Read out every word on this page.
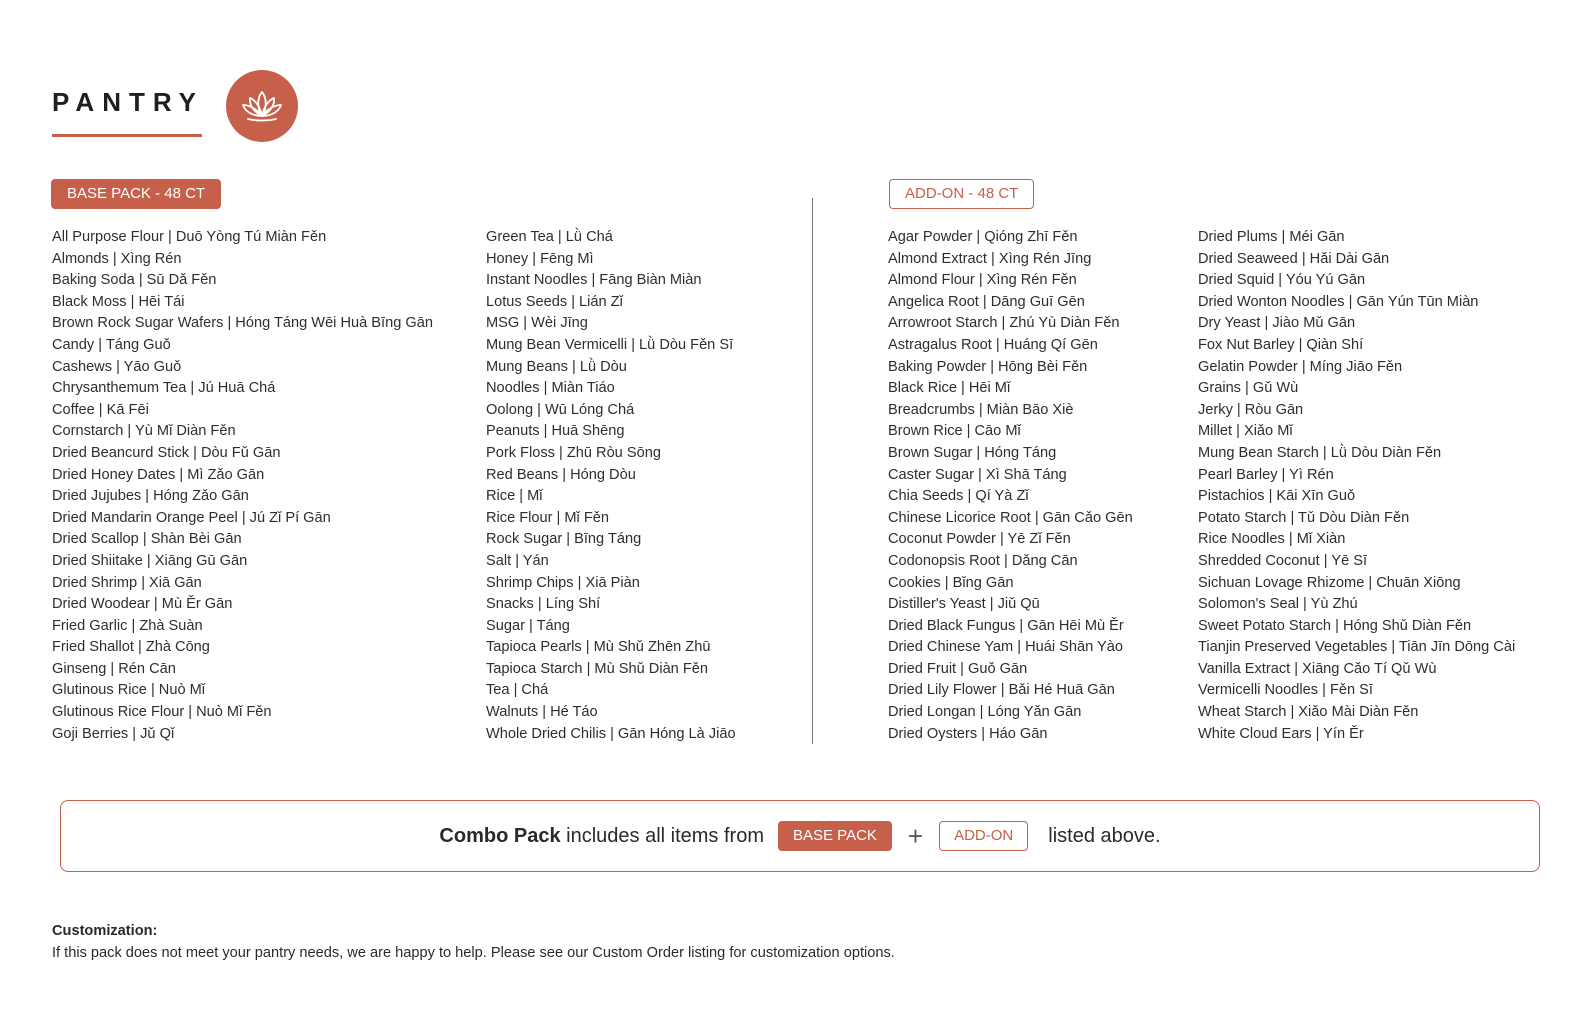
PANTRY
BASE PACK - 48 CT	ADD-ON - 48 CT
All Purpose Flour | Duō Yòng Tú Miàn Fěn
Almonds | Xìng Rén
Baking Soda | Sū Dǎ Fěn
Black Moss | Hēi Tái
Brown Rock Sugar Wafers | Hóng Táng Wēi Huà Bīng Gān
Candy | Táng Guǒ
Cashews | Yāo Guǒ
Chrysanthemum Tea | Jú Huā Chá
Coffee | Kā Fēi
Cornstarch | Yù Mǐ Diàn Fěn
Dried Beancurd Stick | Dòu Fǔ Gān
Dried Honey Dates | Mì Zǎo Gān
Dried Jujubes | Hóng Zǎo Gān
Dried Mandarin Orange Peel | Jú Zǐ Pí Gān
Dried Scallop | Shàn Bèi Gān
Dried Shiitake | Xiāng Gū Gān
Dried Shrimp | Xiā Gān
Dried Woodear | Mù Ěr Gān
Fried Garlic | Zhà Suàn
Fried Shallot | Zhà Cōng
Ginseng | Rén Cān
Glutinous Rice | Nuò Mǐ
Glutinous Rice Flour | Nuò Mǐ Fěn
Goji Berries | Jǔ Qǐ
Green Tea | Lǜ Chá
Honey | Fēng Mì
Instant Noodles | Fāng Biàn Miàn
Lotus Seeds | Lián Zǐ
MSG | Wèi Jīng
Mung Bean Vermicelli | Lǜ Dòu Fěn Sī
Mung Beans | Lǜ Dòu
Noodles | Miàn Tiáo
Oolong | Wū Lóng Chá
Peanuts | Huā Shēng
Pork Floss | Zhū Ròu Sōng
Red Beans | Hóng Dòu
Rice | Mǐ
Rice Flour | Mǐ Fěn
Rock Sugar | Bīng Táng
Salt | Yán
Shrimp Chips | Xiā Piàn
Snacks | Líng Shí
Sugar | Táng
Tapioca Pearls | Mù Shǔ Zhēn Zhū
Tapioca Starch | Mù Shǔ Diàn Fěn
Tea | Chá
Walnuts | Hé Táo
Whole Dried Chilis | Gān Hóng Là Jiāo
Agar Powder | Qióng Zhī Fěn
Almond Extract | Xìng Rén Jīng
Almond Flour | Xìng Rén Fěn
Angelica Root | Dāng Guī Gēn
Arrowroot Starch | Zhú Yù Diàn Fěn
Astragalus Root | Huáng Qí Gēn
Baking Powder | Hōng Bèi Fěn
Black Rice | Hēi Mǐ
Breadcrumbs | Miàn Bāo Xiè
Brown Rice | Cāo Mǐ
Brown Sugar | Hóng Táng
Caster Sugar | Xì Shā Táng
Chia Seeds | Qí Yà Zǐ
Chinese Licorice Root | Gān Cǎo Gēn
Coconut Powder | Yē Zǐ Fěn
Codonopsis Root | Dǎng Cān
Cookies | Bǐng Gān
Distiller's Yeast | Jiǔ Qū
Dried Black Fungus | Gān Hēi Mù Ěr
Dried Chinese Yam | Huái Shān Yào
Dried Fruit | Guǒ Gān
Dried Lily Flower | Bǎi Hé Huā Gān
Dried Longan | Lóng Yǎn Gān
Dried Oysters | Háo Gān
Dried Plums | Méi Gān
Dried Seaweed | Hǎi Dài Gān
Dried Squid | Yóu Yú Gān
Dried Wonton Noodles | Gān Yún Tūn Miàn
Dry Yeast | Jiào Mǔ Gān
Fox Nut Barley | Qiàn Shí
Gelatin Powder | Míng Jiāo Fěn
Grains | Gǔ Wù
Jerky | Ròu Gān
Millet | Xiǎo Mǐ
Mung Bean Starch | Lǜ Dòu Diàn Fěn
Pearl Barley | Yì Rén
Pistachios | Kāi Xīn Guǒ
Potato Starch | Tǔ Dòu Diàn Fěn
Rice Noodles | Mǐ Xiàn
Shredded Coconut | Yē Sī
Sichuan Lovage Rhizome | Chuān Xiōng
Solomon's Seal | Yù Zhú
Sweet Potato Starch | Hóng Shǔ Diàn Fěn
Tianjin Preserved Vegetables | Tiān Jīn Dōng Cài
Vanilla Extract | Xiāng Cǎo Tí Qǔ Wù
Vermicelli Noodles | Fěn Sī
Wheat Starch | Xiǎo Mài Diàn Fěn
White Cloud Ears | Yín Ěr
Combo Pack
includes all items from	BASE PACK	+	ADD-ON	listed above.
Customization:
If this pack does not meet your pantry needs, we are happy to help. Please see our Custom Order listing for customization options.
